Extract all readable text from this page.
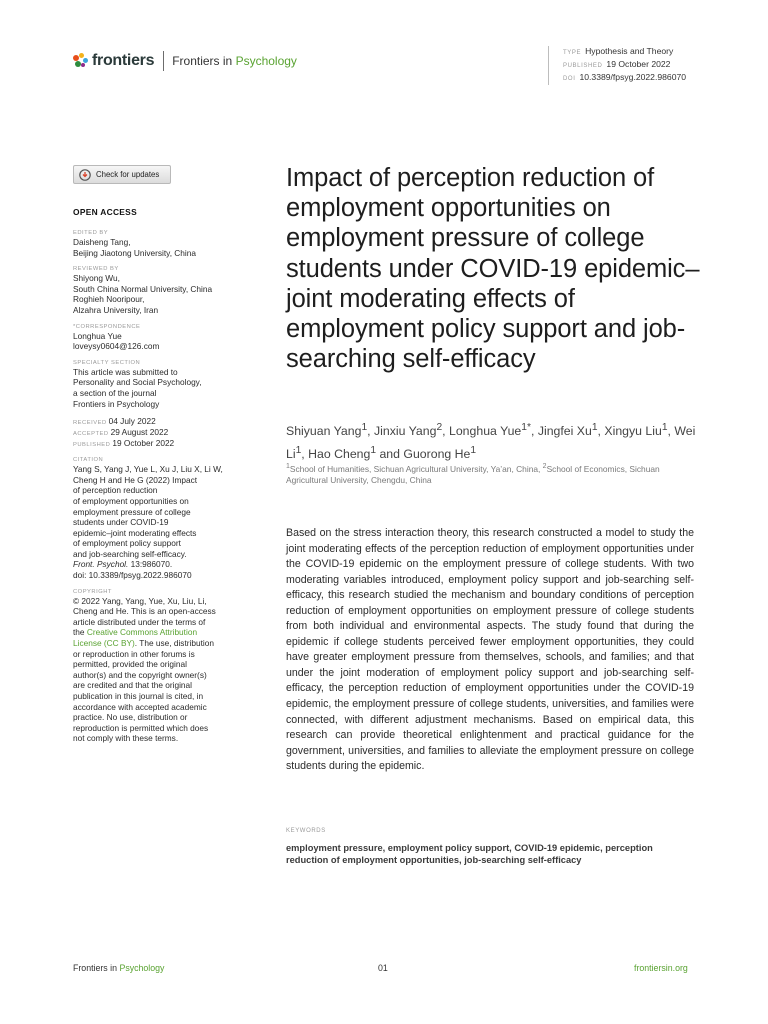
frontiers Frontiers in Psychology
TYPE Hypothesis and Theory
PUBLISHED 19 October 2022
DOI 10.3389/fpsyg.2022.986070
Check for updates
OPEN ACCESS
EDITED BY
Daisheng Tang,
Beijing Jiaotong University, China
REVIEWED BY
Shiyong Wu,
South China Normal University, China
Roghieh Nooripour,
Alzahra University, Iran
*CORRESPONDENCE
Longhua Yue
loveysy0604@126.com
SPECIALTY SECTION
This article was submitted to
Personality and Social Psychology,
a section of the journal
Frontiers in Psychology
RECEIVED 04 July 2022
ACCEPTED 29 August 2022
PUBLISHED 19 October 2022
CITATION
Yang S, Yang J, Yue L, Xu J, Liu X, Li W,
Cheng H and He G (2022) Impact
of perception reduction
of employment opportunities on
employment pressure of college
students under COVID-19
epidemic–joint moderating effects
of employment policy support
and job-searching self-efficacy.
Front. Psychol. 13:986070.
doi: 10.3389/fpsyg.2022.986070
COPYRIGHT
© 2022 Yang, Yang, Yue, Xu, Liu, Li,
Cheng and He. This is an open-access
article distributed under the terms of
the Creative Commons Attribution
License (CC BY). The use, distribution
or reproduction in other forums is
permitted, provided the original
author(s) and the copyright owner(s)
are credited and that the original
publication in this journal is cited, in
accordance with accepted academic
practice. No use, distribution or
reproduction is permitted which does
not comply with these terms.
Impact of perception reduction of employment opportunities on employment pressure of college students under COVID-19 epidemic–joint moderating effects of employment policy support and job-searching self-efficacy
Shiyuan Yang$^1$, Jinxiu Yang$^2$, Longhua Yue$^{1*}$, Jingfei Xu$^1$, Xingyu Liu$^1$, Wei Li$^1$, Hao Cheng$^1$ and Guorong He$^1$
$^1$School of Humanities, Sichuan Agricultural University, Ya’an, China, $^2$School of Economics, Sichuan Agricultural University, Chengdu, China

Based on the stress interaction theory, this research constructed a model to study the joint moderating effects of the perception reduction of employment opportunities under the COVID-19 epidemic on the employment pressure of college students. With two moderating variables introduced, employment policy support and job-searching self-efficacy, this research studied the mechanism and boundary conditions of perception reduction of employment opportunities on employment pressure of college students from both individual and environmental aspects. The study found that during the epidemic if college students perceived fewer employment opportunities, they could have greater employment pressure from themselves, schools, and families; and that under the joint moderation of employment policy support and job-searching self-efficacy, the perception reduction of employment opportunities under the COVID-19 epidemic, the employment pressure of college students, universities, and families were connected, with different adjustment mechanisms. Based on empirical data, this research can provide theoretical enlightenment and practical guidance for the government, universities, and families to alleviate the employment pressure on college students during the epidemic.

KEYWORDS
employment pressure, employment policy support, COVID-19 epidemic, perception reduction of employment opportunities, job-searching self-efficacy
Frontiers in Psychology	01	frontiersin.org
